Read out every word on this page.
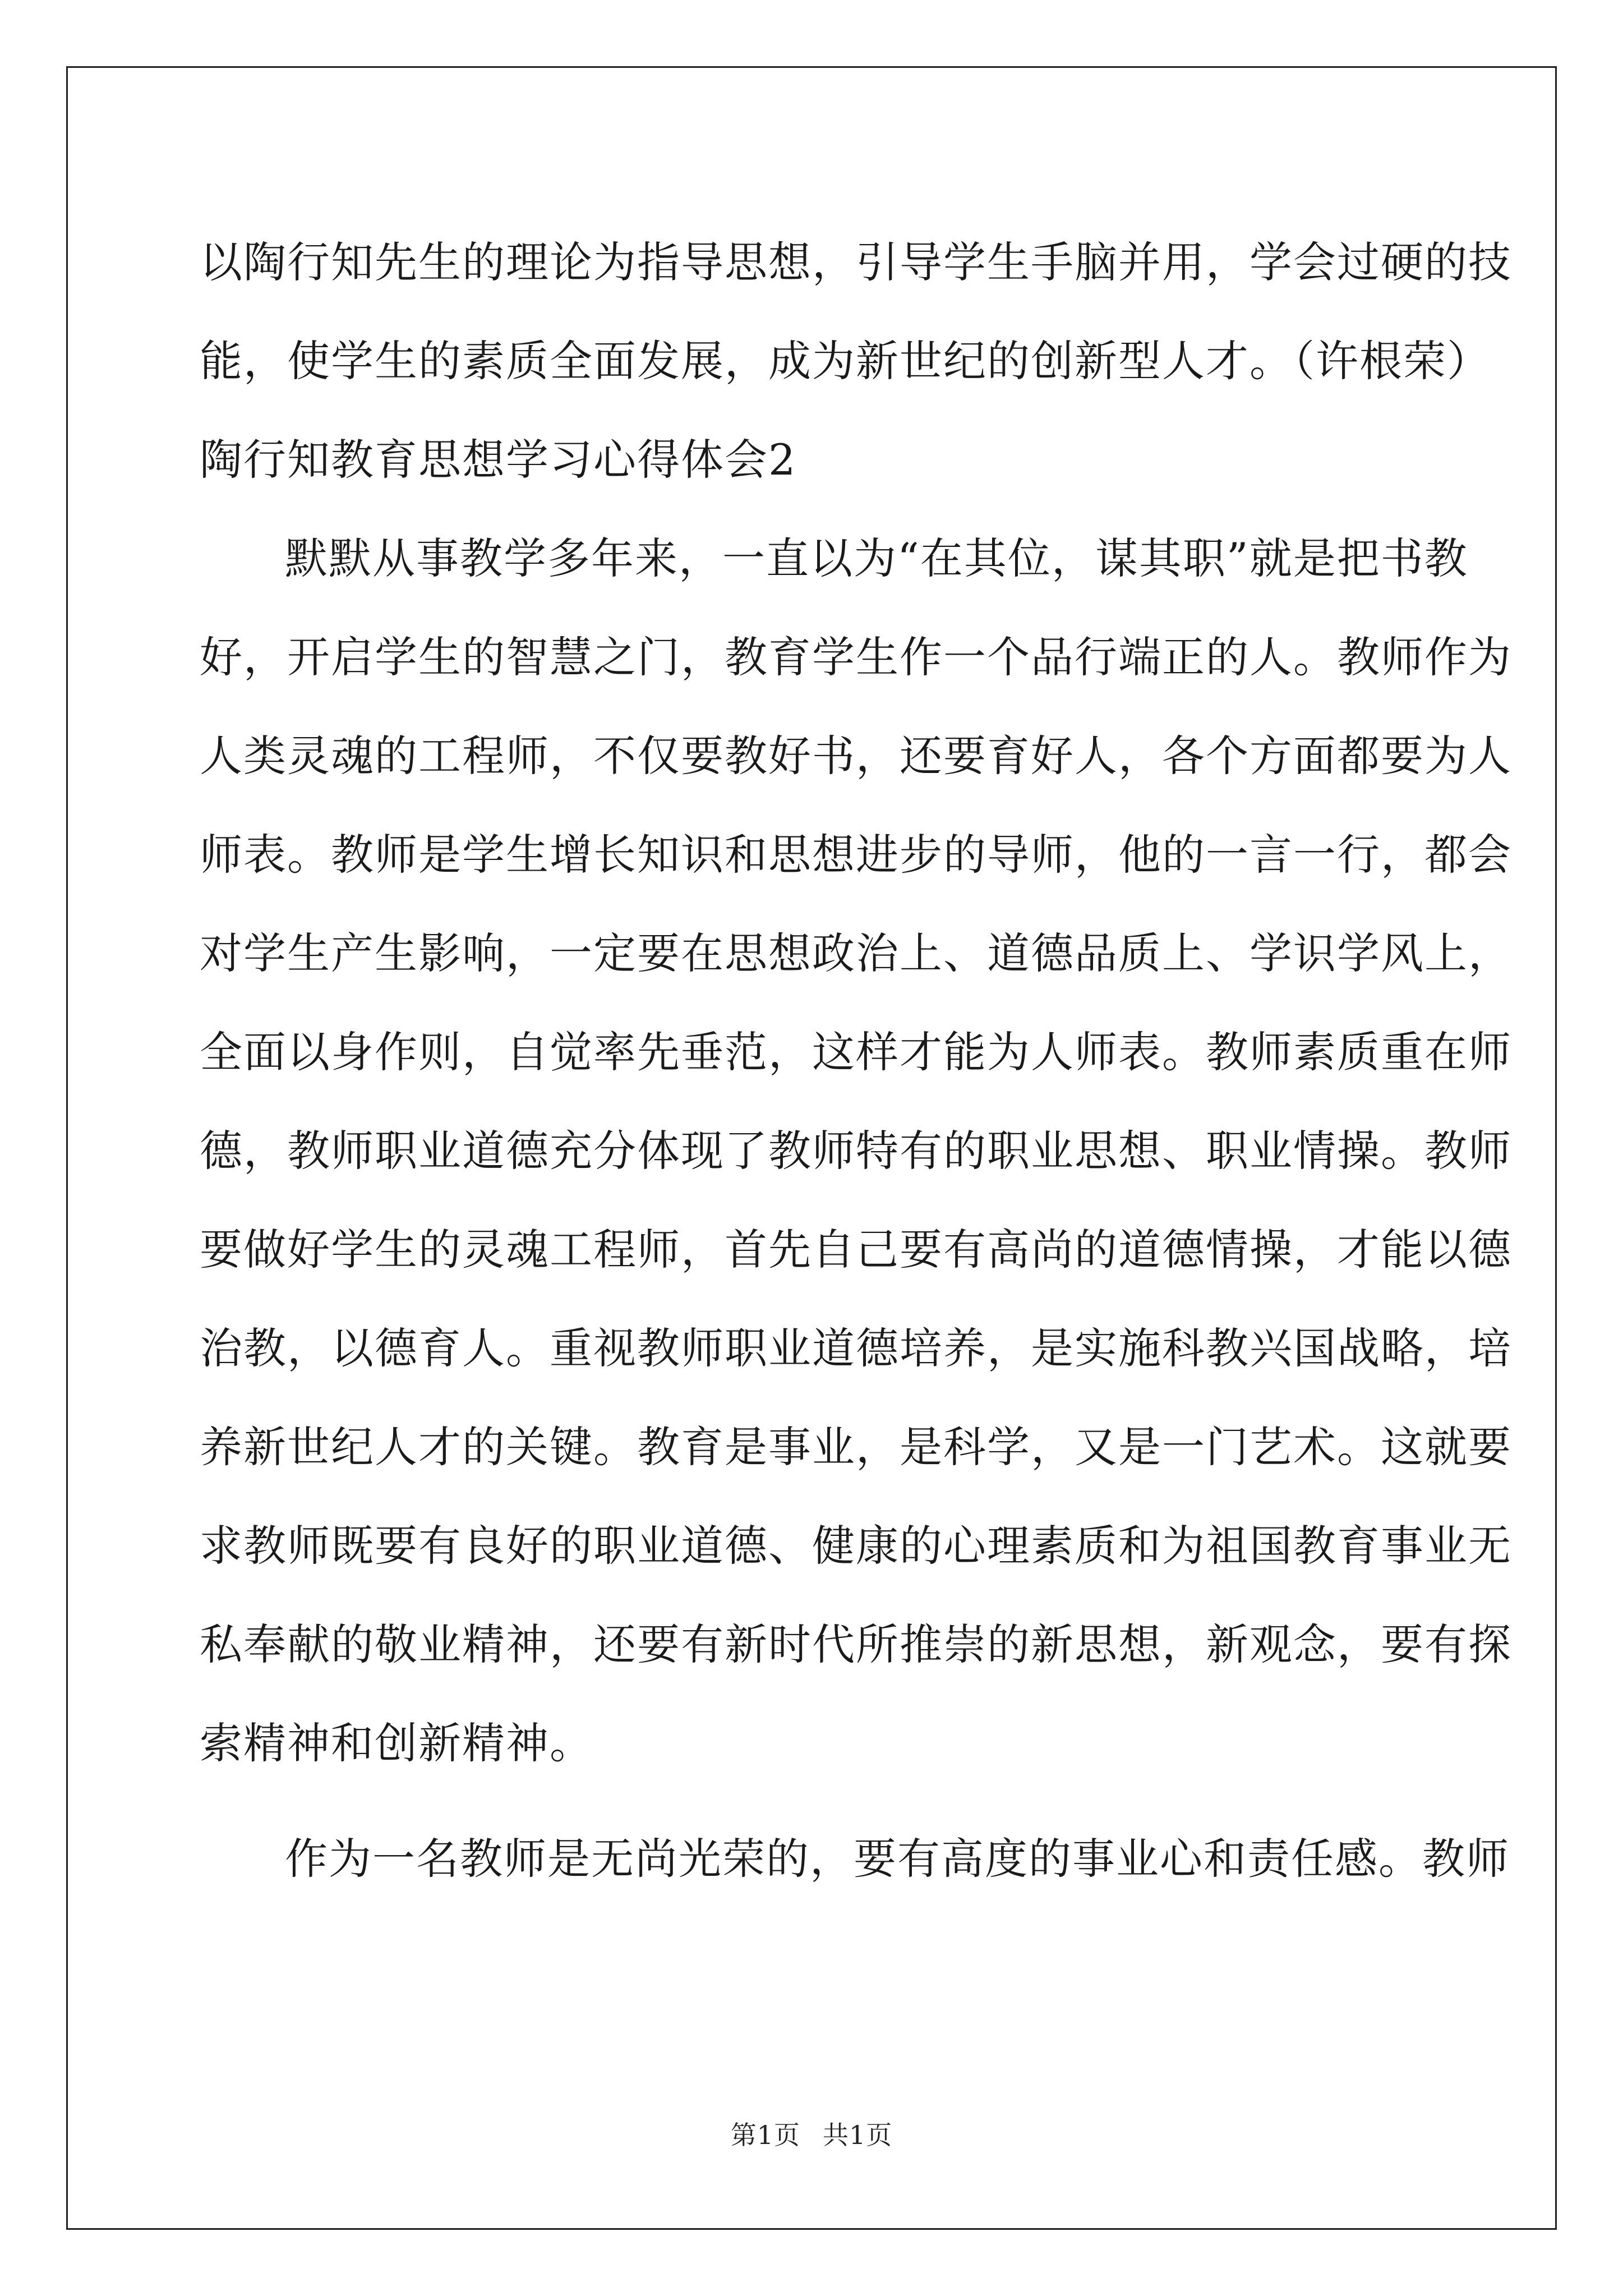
以陶行知先生的理论为指导思想，引导学生手脑并用，学会过硬的技
能，使学生的素质全面发展，成为新世纪的创新型人才。（许根荣）
陶行知教育思想学习心得体会2
默默从事教学多年来，一直以为“在其位，谋其职”就是把书教
好，开启学生的智慧之门，教育学生作一个品行端正的人。教师作为
人类灵魂的工程师，不仅要教好书，还要育好人，各个方面都要为人
师表。教师是学生增长知识和思想进步的导师，他的一言一行，都会
对学生产生影响，一定要在思想政治上、道德品质上、学识学风上，
全面以身作则，自觉率先垂范，这样才能为人师表。教师素质重在师
德，教师职业道德充分体现了教师特有的职业思想、职业情操。教师
要做好学生的灵魂工程师，首先自己要有高尚的道德情操，才能以德
治教，以德育人。重视教师职业道德培养，是实施科教兴国战略，培
养新世纪人才的关键。教育是事业，是科学，又是一门艺术。这就要
求教师既要有良好的职业道德、健康的心理素质和为祖国教育事业无
私奉献的敬业精神，还要有新时代所推崇的新思想，新观念，要有探
索精神和创新精神。
作为一名教师是无尚光荣的，要有高度的事业心和责任感。教师
第1页 共1页
